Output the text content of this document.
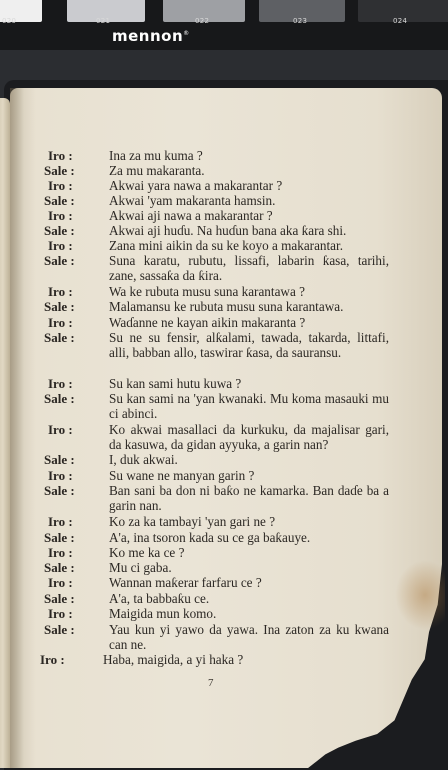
020	021	022	023	024
mennon®
Iro :	Ina za mu kuma ?
Sale :	Za mu makaranta.
Iro :	Akwai yara nawa a makarantar ?
Sale :	Akwai 'yam makaranta hamsin.
Iro :	Akwai aji nawa a makarantar ?
Sale :	Akwai aji huɗu. Na huɗun bana aka ƙara shi.
Iro :	Zana mini aikin da su ke koyo a makarantar.
Sale :	Suna karatu, rubutu, lissafi, labarin ƙasa, tarihi, zane, sassaƙa da ƙira.
Iro :	Wa ke rubuta musu suna karantawa ?
Sale :	Malamansu ke rubuta musu suna karantawa.
Iro :	Waɗanne ne kayan aikin makaranta ?
Sale :	Su ne su fensir, alƙalami, tawada, takarda, littafi, alli, babban allo, taswirar ƙasa, da sauransu.
Iro :	Su kan sami hutu kuwa ?
Sale :	Su kan sami na 'yan kwanaki. Mu koma masauki mu ci abinci.
Iro :	Ko akwai masallaci da kurkuku, da majalisar gari, da kasuwa, da gidan ayyuka, a garin nan?
Sale :	I, duk akwai.
Iro :	Su wane ne manyan garin ?
Sale :	Ban sani ba don ni baƙo ne kamarka. Ban daɗe ba a garin nan.
Iro :	Ko za ka tambayi 'yan gari ne ?
Sale :	A'a, ina tsoron kada su ce ga baƙauye.
Iro :	Ko me ka ce ?
Sale :	Mu ci gaba.
Iro :	Wannan maƙerar farfaru ce ?
Sale :	A'a, ta babbaƙu ce.
Iro :	Maigida mun komo.
Sale :	Yau kun yi yawo da yawa. Ina zaton za ku kwana can ne.
Iro :	Haba, maigida, a yi haka ?
7
